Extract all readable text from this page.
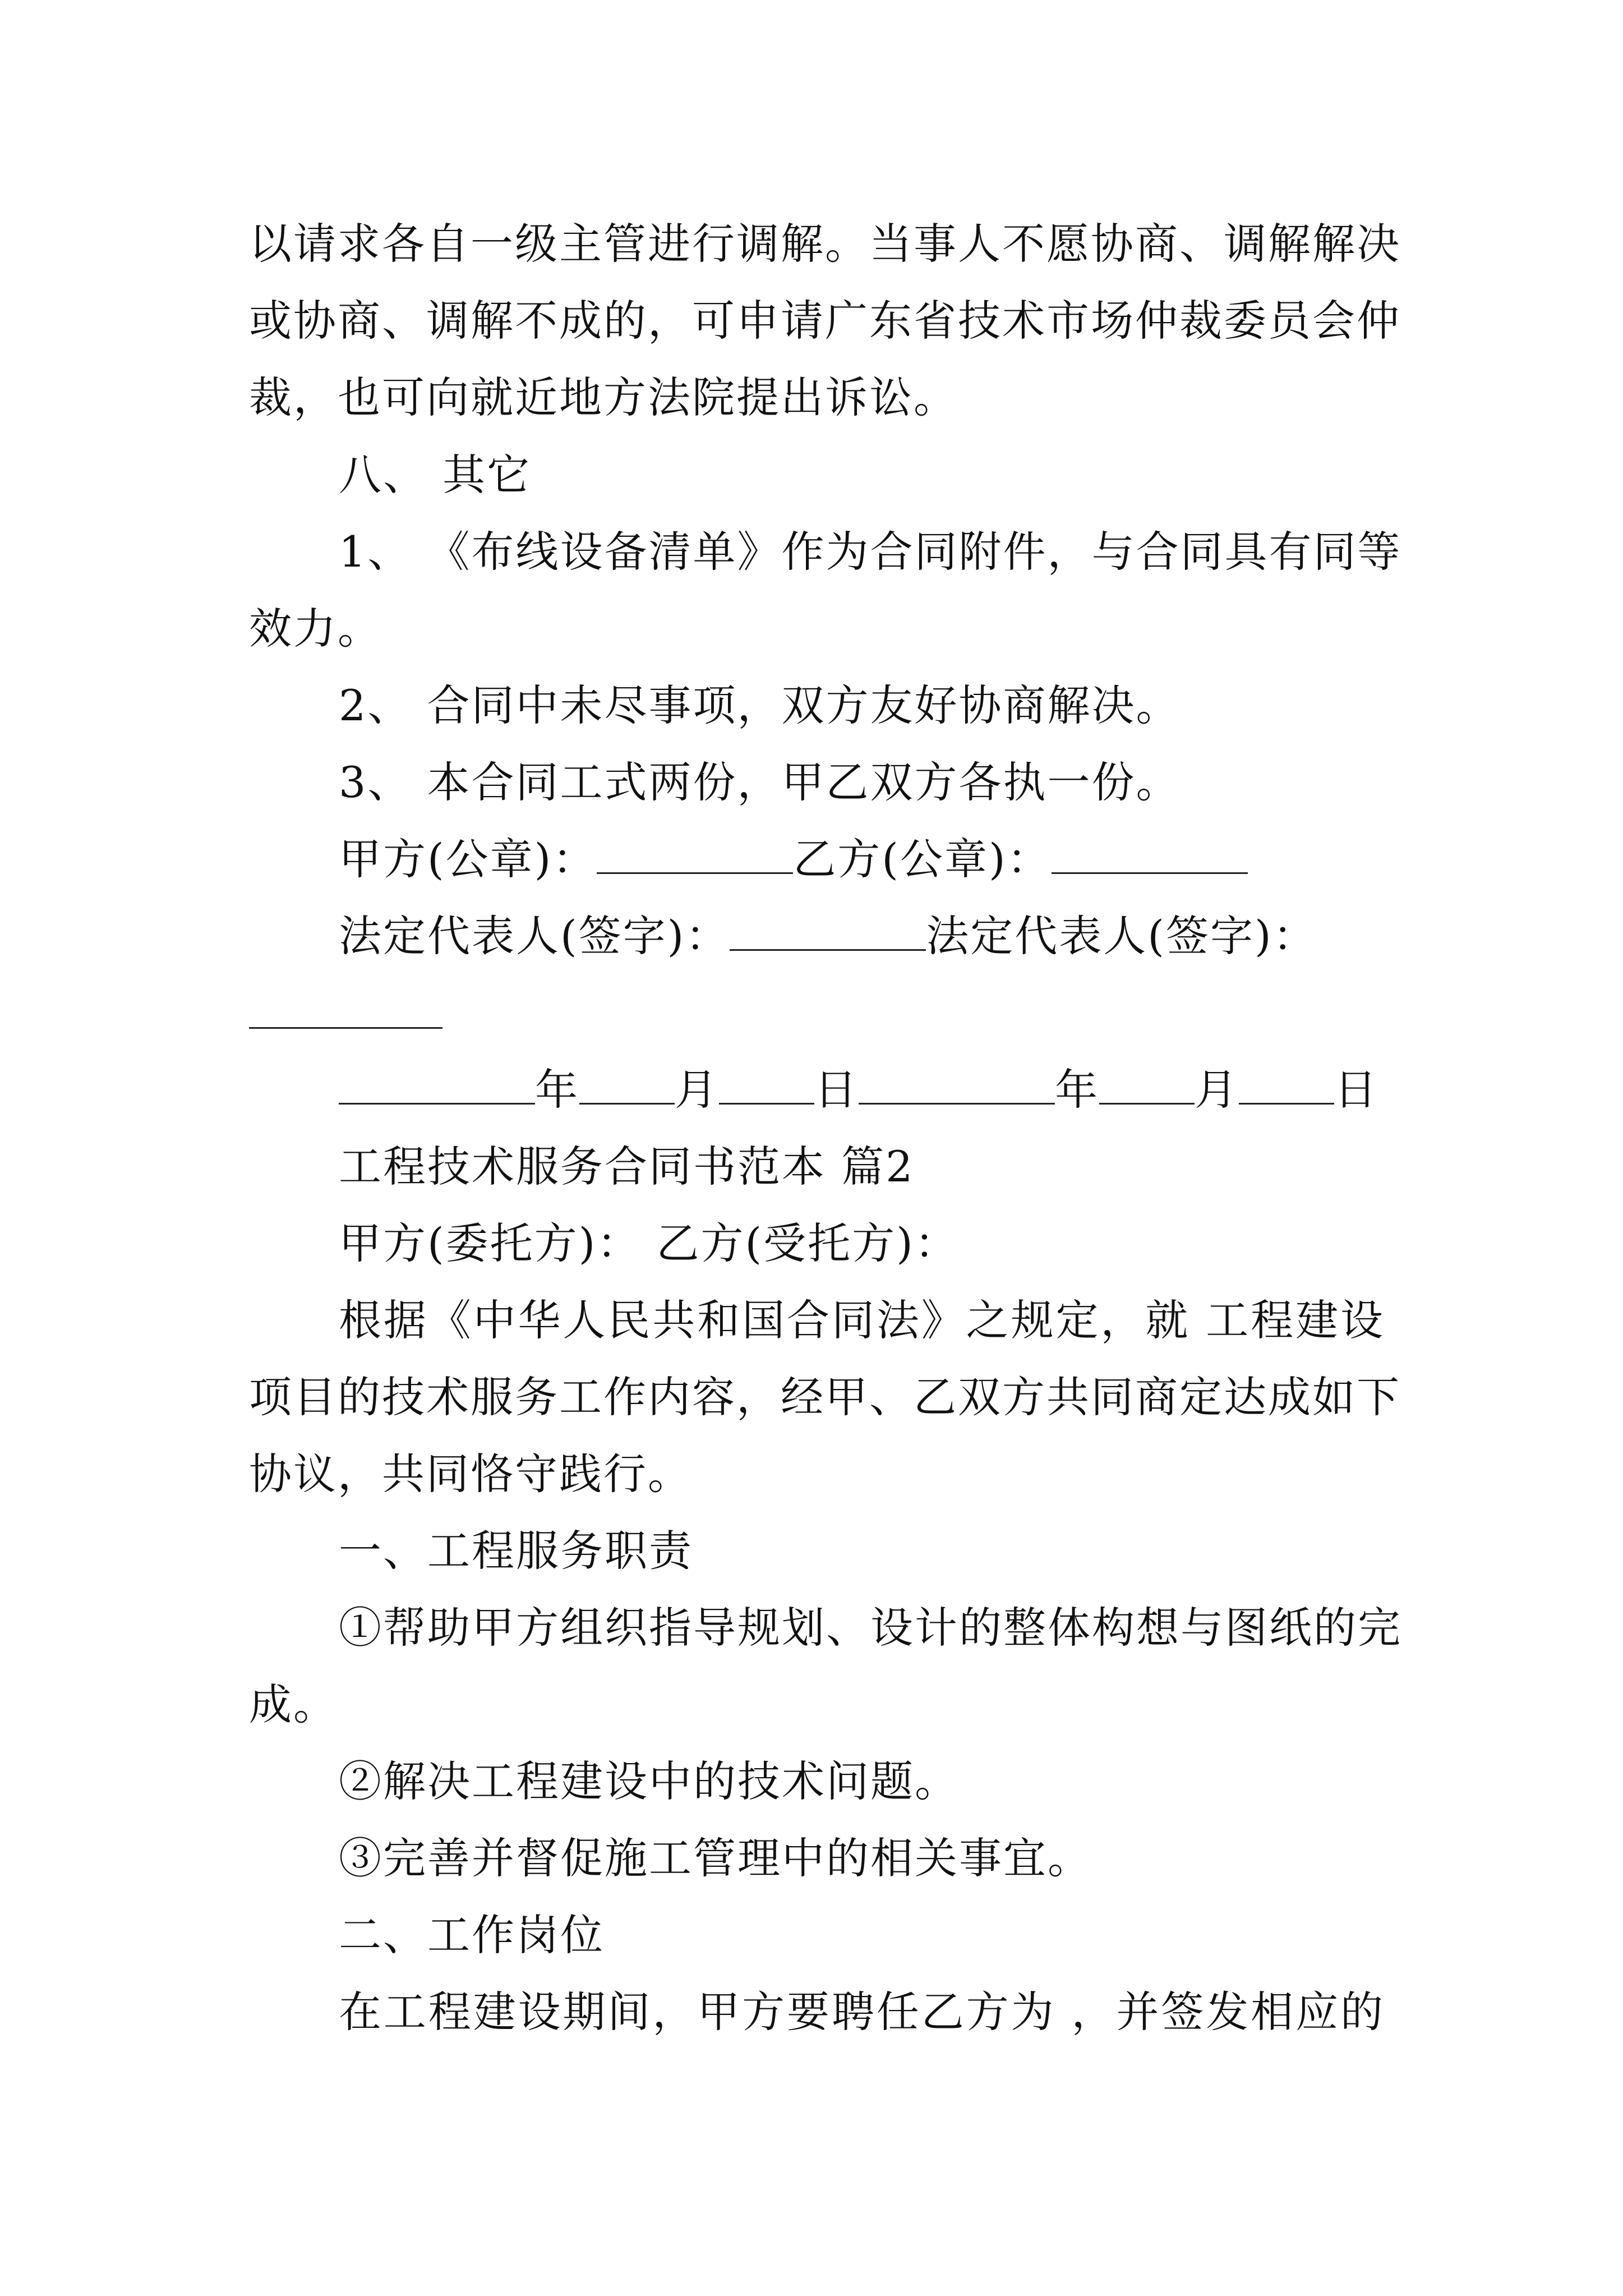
以请求各自一级主管进行调解。当事人不愿协商、调解解决
或协商、调解不成的，可申请广东省技术市场仲裁委员会仲
裁，也可向就近地方法院提出诉讼。
八、 其它
1、 《布线设备清单》作为合同附件，与合同具有同等
效力。
2、 合同中未尽事项，双方友好协商解决。
3、 本合同工式两份，甲乙双方各执一份。
甲方(公章)：	乙方(公章)：
法定代表人(签字)：	法定代表人(签字)：
年 月 日	年 月 日
工程技术服务合同书范本 篇2
甲方(委托方)： 乙方(受托方)：
根据《中华人民共和国合同法》之规定，就 工程建设
项目的技术服务工作内容，经甲、乙双方共同商定达成如下
协议，共同恪守践行。
一、工程服务职责
①帮助甲方组织指导规划、设计的整体构想与图纸的完
成。
②解决工程建设中的技术问题。
③完善并督促施工管理中的相关事宜。
二、工作岗位
在工程建设期间，甲方要聘任乙方为 ，并签发相应的
